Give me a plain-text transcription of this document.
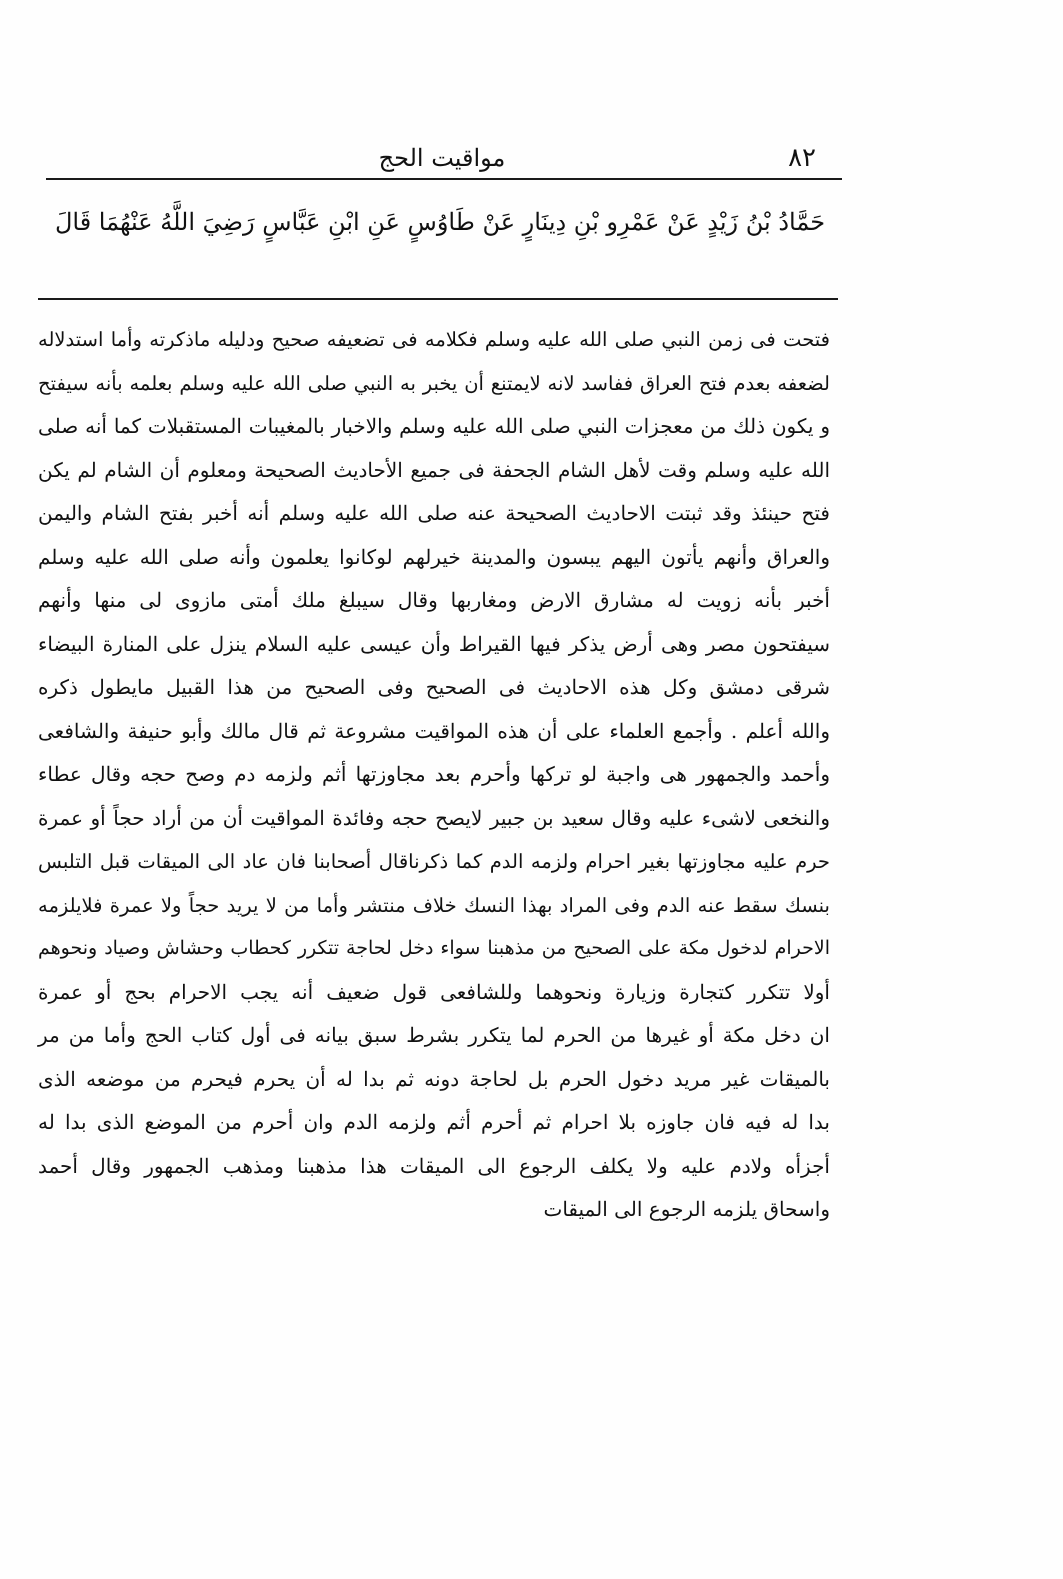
٨٢
مواقيت الحج
حَمَّادُ بْنُ زَيْدٍ عَنْ عَمْرِو بْنِ دِينَارٍ عَنْ طَاوُسٍ عَنِ ابْنِ عَبَّاسٍ رَضِيَ اللَّهُ عَنْهُمَا قَالَ
فتحت فى زمن النبي صلى الله عليه وسلم فكلامه فى تضعيفه صحيح ودليله ماذكرته وأما استدلاله
لضعفه بعدم فتح العراق ففاسد لانه لايمتنع أن يخبر به النبي صلى الله عليه وسلم بعلمه بأنه سيفتح
و يكون ذلك من معجزات النبي صلى الله عليه وسلم والاخبار بالمغيبات المستقبلات كما أنه صلى
الله عليه وسلم وقت لأهل الشام الجحفة فى جميع الأحاديث الصحيحة ومعلوم أن الشام لم يكن
فتح حينئذ وقد ثبتت الاحاديث الصحيحة عنه صلى الله عليه وسلم أنه أخبر بفتح الشام واليمن
والعراق وأنهم يأتون اليهم يبسون والمدينة خيرلهم لوكانوا يعلمون وأنه صلى الله عليه وسلم
أخبر بأنه زويت له مشارق الارض ومغاربها وقال سيبلغ ملك أمتى مازوى لى منها وأنهم
سيفتحون مصر وهى أرض يذكر فيها القيراط وأن عيسى عليه السلام ينزل على المنارة البيضاء
شرقى دمشق وكل هذه الاحاديث فى الصحيح وفى الصحيح من هذا القبيل مايطول ذكره
والله أعلم . وأجمع العلماء على أن هذه المواقيت مشروعة ثم قال مالك وأبو حنيفة والشافعى
وأحمد والجمهور هى واجبة لو تركها وأحرم بعد مجاوزتها أثم ولزمه دم وصح حجه وقال عطاء
والنخعى لاشىء عليه وقال سعيد بن جبير لايصح حجه وفائدة المواقيت أن من أراد حجاً أو عمرة
حرم عليه مجاوزتها بغير احرام ولزمه الدم كما ذكرناقال أصحابنا فان عاد الى الميقات قبل التلبس
بنسك سقط عنه الدم وفى المراد بهذا النسك خلاف منتشر وأما من لا يريد حجاً ولا عمرة فلايلزمه
الاحرام لدخول مكة على الصحيح من مذهبنا سواء دخل لحاجة تتكرر كحطاب وحشاش وصياد ونحوهم
أولا تتكرر كتجارة وزيارة ونحوهما وللشافعى قول ضعيف أنه يجب الاحرام بحج أو عمرة
ان دخل مكة أو غيرها من الحرم لما يتكرر بشرط سبق بيانه فى أول كتاب الحج وأما من مر
بالميقات غير مريد دخول الحرم بل لحاجة دونه ثم بدا له أن يحرم فيحرم من موضعه الذى
بدا له فيه فان جاوزه بلا احرام ثم أحرم أثم ولزمه الدم وان أحرم من الموضع الذى بدا له
أجزأه ولادم عليه ولا يكلف الرجوع الى الميقات هذا مذهبنا ومذهب الجمهور وقال أحمد
واسحاق يلزمه الرجوع الى الميقات
